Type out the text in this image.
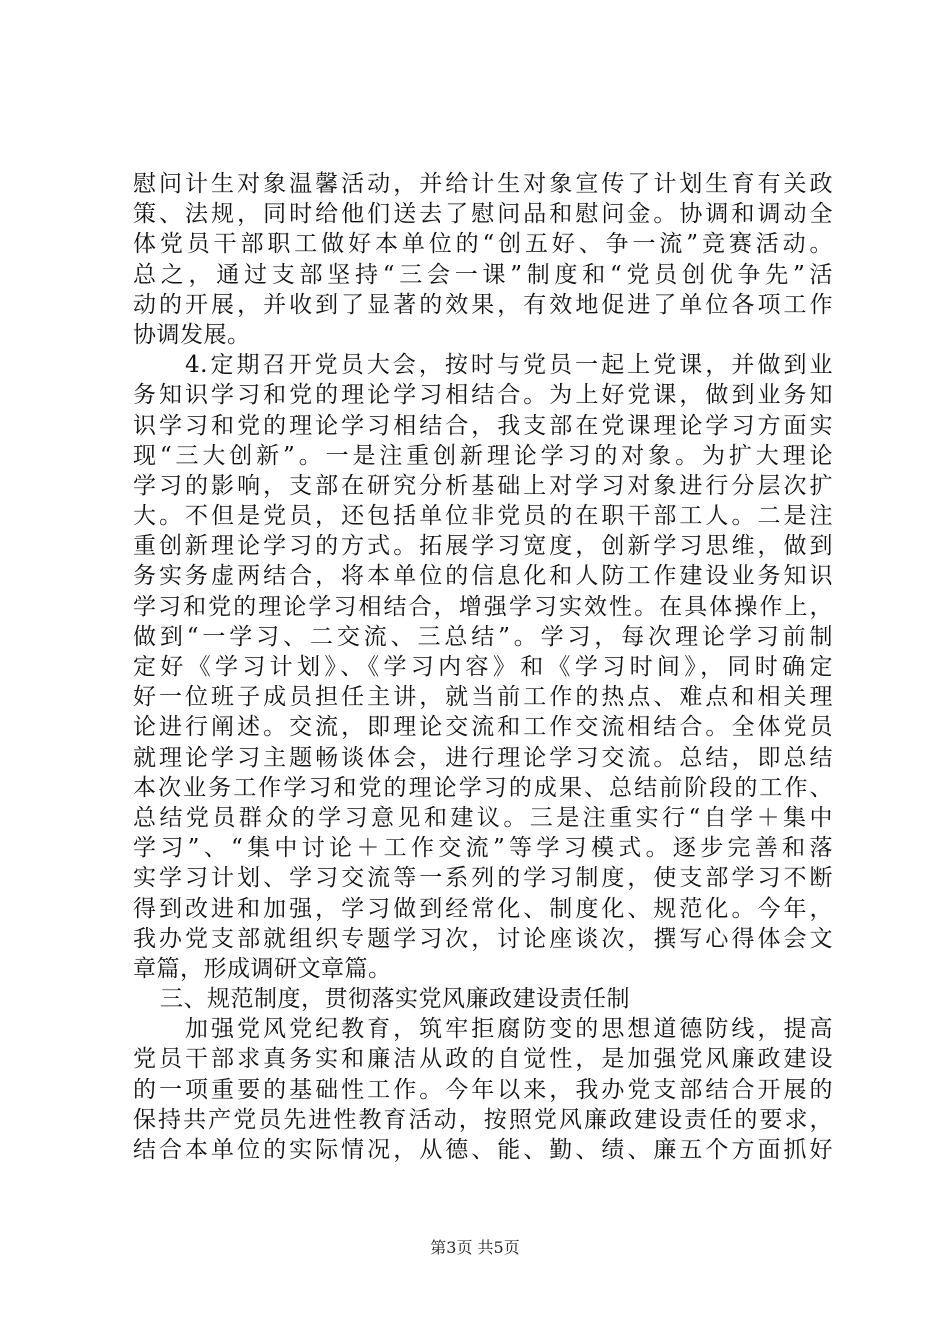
慰问计生对象温馨活动，并给计生对象宣传了计划生育有关政
策、法规，同时给他们送去了慰问品和慰问金。协调和调动全
体党员干部职工做好本单位的“创五好、争一流”竞赛活动。
总之，通过支部坚持“三会一课”制度和“党员创优争先”活
动的开展，并收到了显著的效果，有效地促进了单位各项工作
协调发展。
4.定期召开党员大会，按时与党员一起上党课，并做到业
务知识学习和党的理论学习相结合。为上好党课，做到业务知
识学习和党的理论学习相结合，我支部在党课理论学习方面实
现“三大创新”。一是注重创新理论学习的对象。为扩大理论
学习的影响，支部在研究分析基础上对学习对象进行分层次扩
大。不但是党员，还包括单位非党员的在职干部工人。二是注
重创新理论学习的方式。拓展学习宽度，创新学习思维，做到
务实务虚两结合，将本单位的信息化和人防工作建设业务知识
学习和党的理论学习相结合，增强学习实效性。在具体操作上，
做到“一学习、二交流、三总结”。学习，每次理论学习前制
定好《学习计划》、《学习内容》和《学习时间》，同时确定
好一位班子成员担任主讲，就当前工作的热点、难点和相关理
论进行阐述。交流，即理论交流和工作交流相结合。全体党员
就理论学习主题畅谈体会，进行理论学习交流。总结，即总结
本次业务工作学习和党的理论学习的成果、总结前阶段的工作、
总结党员群众的学习意见和建议。三是注重实行“自学＋集中
学习”、“集中讨论＋工作交流”等学习模式。逐步完善和落
实学习计划、学习交流等一系列的学习制度，使支部学习不断
得到改进和加强，学习做到经常化、制度化、规范化。今年，
我办党支部就组织专题学习次，讨论座谈次，撰写心得体会文
章篇，形成调研文章篇。
三、规范制度，贯彻落实党风廉政建设责任制
加强党风党纪教育，筑牢拒腐防变的思想道德防线，提高
党员干部求真务实和廉洁从政的自觉性，是加强党风廉政建设
的一项重要的基础性工作。今年以来，我办党支部结合开展的
保持共产党员先进性教育活动，按照党风廉政建设责任的要求，
结合本单位的实际情况，从德、能、勤、绩、廉五个方面抓好
第3页 共5页
